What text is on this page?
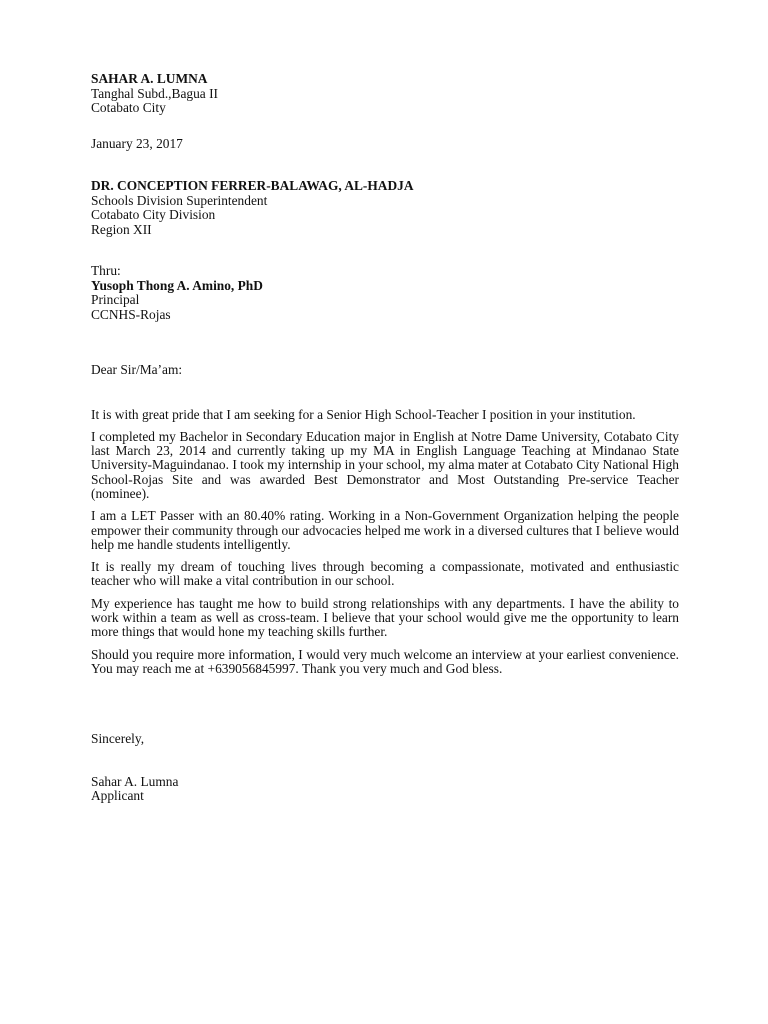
SAHAR A. LUMNA
Tanghal Subd.,Bagua II
Cotabato City
January 23, 2017
DR. CONCEPTION FERRER-BALAWAG, AL-HADJA
Schools Division Superintendent
Cotabato City Division
Region XII
Thru:
Yusoph Thong A. Amino, PhD
Principal
CCNHS-Rojas
Dear Sir/Ma’am:

It is with great pride that I am seeking for a Senior High School-Teacher I position in your institution.

I completed my Bachelor in Secondary Education major in English at Notre Dame University, Cotabato City last March 23, 2014 and currently taking up my MA in English Language Teaching at Mindanao State University-Maguindanao. I took my internship in your school, my alma mater at Cotabato City National High School-Rojas Site and was awarded Best Demonstrator and Most Outstanding Pre-service Teacher (nominee).

I am a LET Passer with an 80.40% rating. Working in a Non-Government Organization helping the people empower their community through our advocacies helped me work in a diversed cultures that I believe would help me handle students intelligently.

It is really my dream of touching lives through becoming a compassionate, motivated and enthusiastic teacher who will make a vital contribution in our school.

My experience has taught me how to build strong relationships with any departments. I have the ability to work within a team as well as cross-team. I believe that your school would give me the opportunity to learn more things that would hone my teaching skills further.

Should you require more information, I would very much welcome an interview at your earliest convenience. You may reach me at +639056845997. Thank you very much and God bless.

Sincerely,
Sahar A. Lumna
Applicant
